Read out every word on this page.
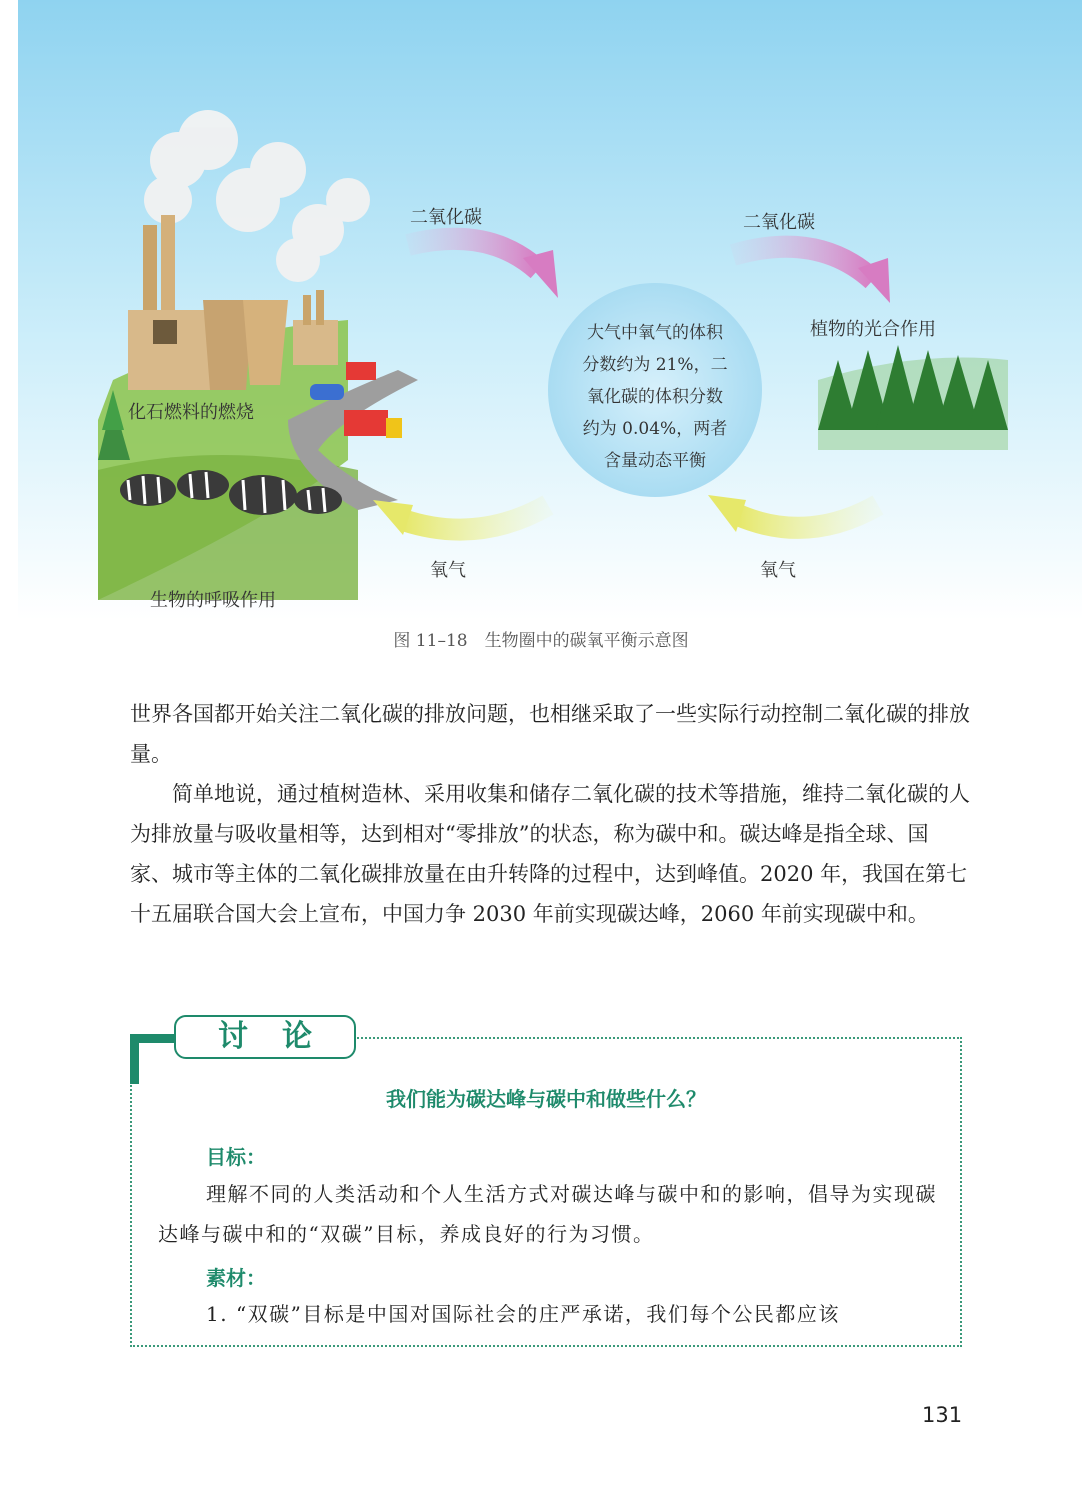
二氧化碳	二氧化碳
植物的光合作用
化石燃料的燃烧
氧气	氧气
生物的呼吸作用
大气中氧气的体积
分数约为 21%，二
氧化碳的体积分数
约为 0.04%，两者
含量动态平衡
图 11–18　生物圈中的碳氧平衡示意图
世界各国都开始关注二氧化碳的排放问题，也相继采取了一些实际行动控制二氧化碳的排放量。
简单地说，通过植树造林、采用收集和储存二氧化碳的技术等措施，维持二氧化碳的人为排放量与吸收量相等，达到相对“零排放”的状态，称为碳中和。碳达峰是指全球、国家、城市等主体的二氧化碳排放量在由升转降的过程中，达到峰值。2020 年，我国在第七十五届联合国大会上宣布，中国力争 2030 年前实现碳达峰，2060 年前实现碳中和。
讨论
我们能为碳达峰与碳中和做些什么？
目标：
理解不同的人类活动和个人生活方式对碳达峰与碳中和的影响，倡导为实现碳达峰与碳中和的“双碳”目标，养成良好的行为习惯。
素材：
1. “双碳”目标是中国对国际社会的庄严承诺，我们每个公民都应该
131
